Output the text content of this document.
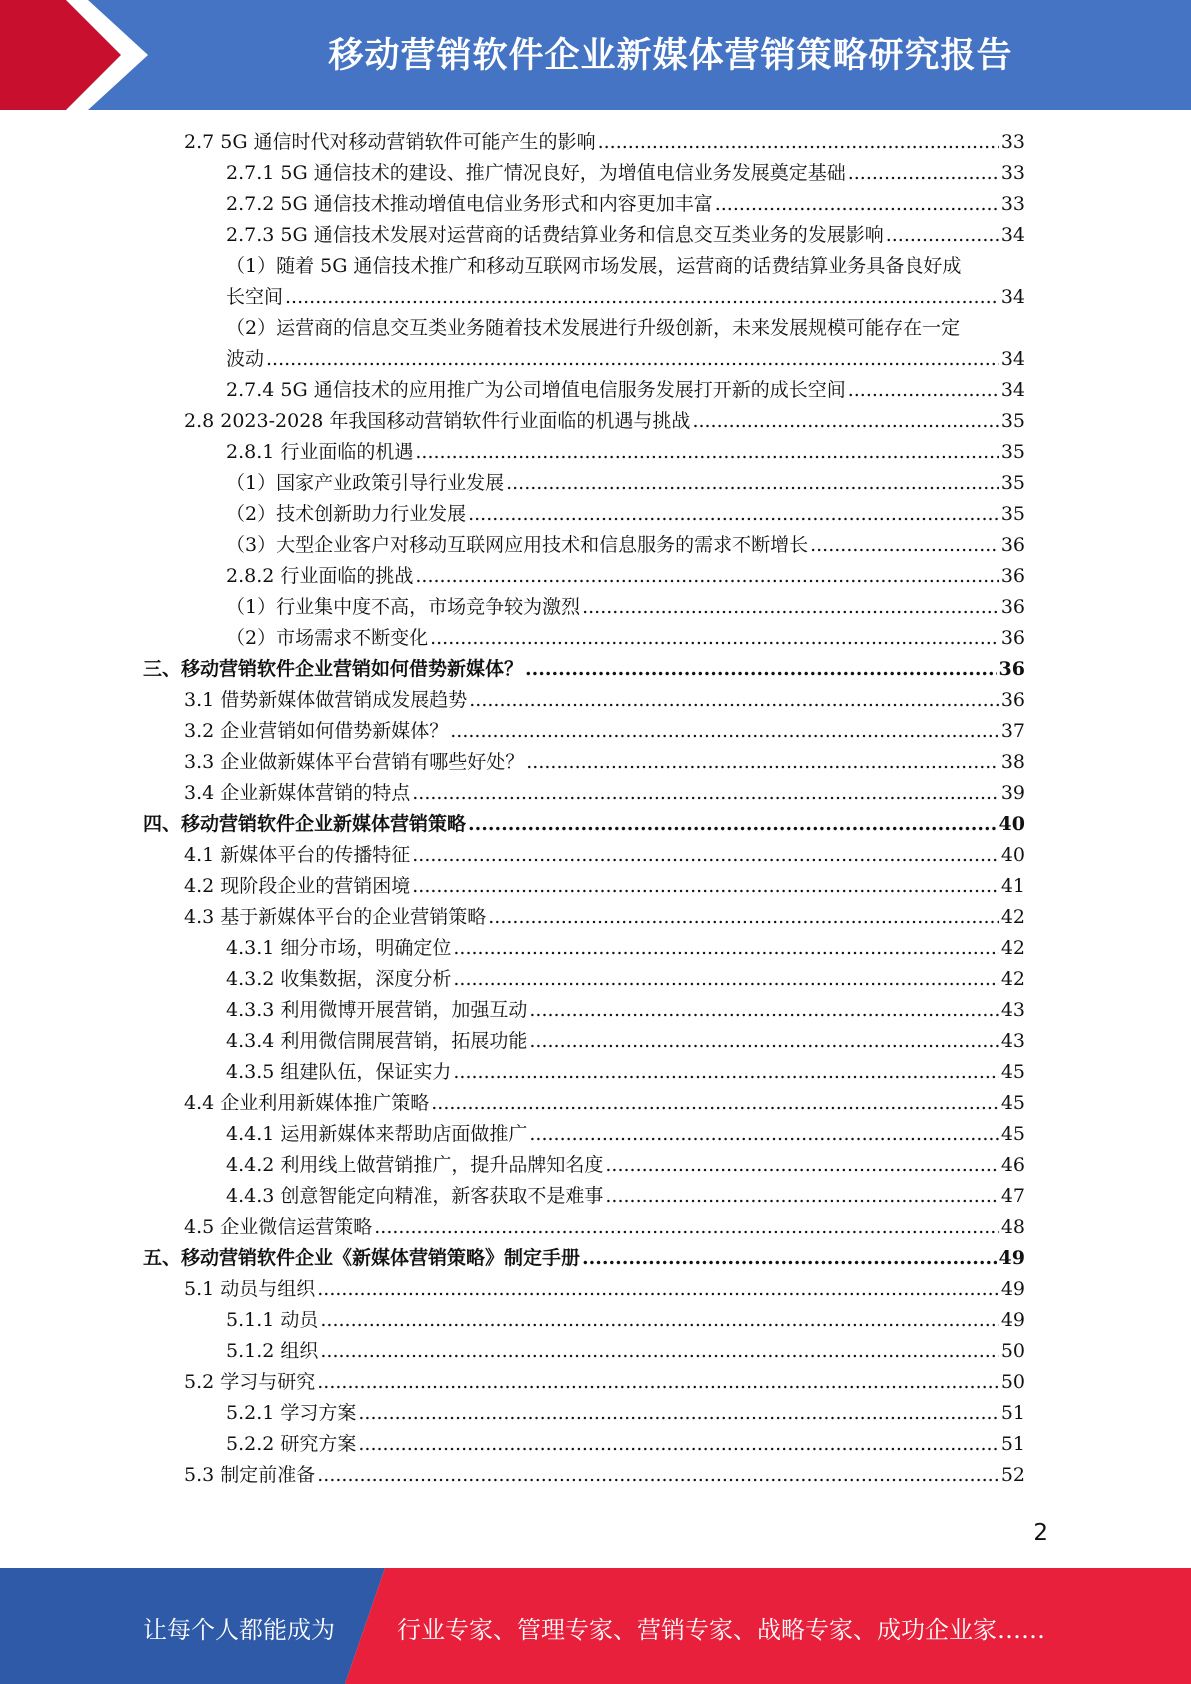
移动营销软件企业新媒体营销策略研究报告
2.7 5G 通信时代对移动营销软件可能产生的影响 .....	33
2.7.1 5G 通信技术的建设、推广情况良好，为增值电信业务发展奠定基础 .....	33
2.7.2 5G 通信技术推动增值电信业务形式和内容更加丰富 .....	33
2.7.3 5G 通信技术发展对运营商的话费结算业务和信息交互类业务的发展影响 .....	34
（1）随着 5G 通信技术推广和移动互联网市场发展，运营商的话费结算业务具备良好成
长空间 .....	34
（2）运营商的信息交互类业务随着技术发展进行升级创新，未来发展规模可能存在一定
波动 .....	34
2.7.4 5G 通信技术的应用推广为公司增值电信服务发展打开新的成长空间 .....	34
2.8 2023-2028 年我国移动营销软件行业面临的机遇与挑战 .....	35
2.8.1 行业面临的机遇 .....	35
（1）国家产业政策引导行业发展 .....	35
（2）技术创新助力行业发展 .....	35
（3）大型企业客户对移动互联网应用技术和信息服务的需求不断增长 .....	36
2.8.2 行业面临的挑战 .....	36
（1）行业集中度不高，市场竞争较为激烈 .....	36
（2）市场需求不断变化 .....	36
三、移动营销软件企业营销如何借势新媒体？ .....	36
3.1 借势新媒体做营销成发展趋势 .....	36
3.2 企业营销如何借势新媒体？ .....	37
3.3 企业做新媒体平台营销有哪些好处？ .....	38
3.4 企业新媒体营销的特点 .....	39
四、移动营销软件企业新媒体营销策略 .....	40
4.1 新媒体平台的传播特征 .....	40
4.2 现阶段企业的营销困境 .....	41
4.3 基于新媒体平台的企业营销策略 .....	42
4.3.1 细分市场，明确定位 .....	42
4.3.2 收集数据，深度分析 .....	42
4.3.3 利用微博开展营销，加强互动 .....	43
4.3.4 利用微信開展营销，拓展功能 .....	43
4.3.5 组建队伍，保证实力 .....	45
4.4 企业利用新媒体推广策略 .....	45
4.4.1 运用新媒体来帮助店面做推广 .....	45
4.4.2 利用线上做营销推广，提升品牌知名度 .....	46
4.4.3 创意智能定向精准，新客获取不是难事 .....	47
4.5 企业微信运营策略 .....	48
五、移动营销软件企业《新媒体营销策略》制定手册 .....	49
5.1 动员与组织 .....	49
5.1.1 动员 .....	49
5.1.2 组织 .....	50
5.2 学习与研究 .....	50
5.2.1 学习方案 .....	51
5.2.2 研究方案 .....	51
5.3 制定前准备 .....	52
2
让每个人都能成为	行业专家、管理专家、营销专家、战略专家、成功企业家……
